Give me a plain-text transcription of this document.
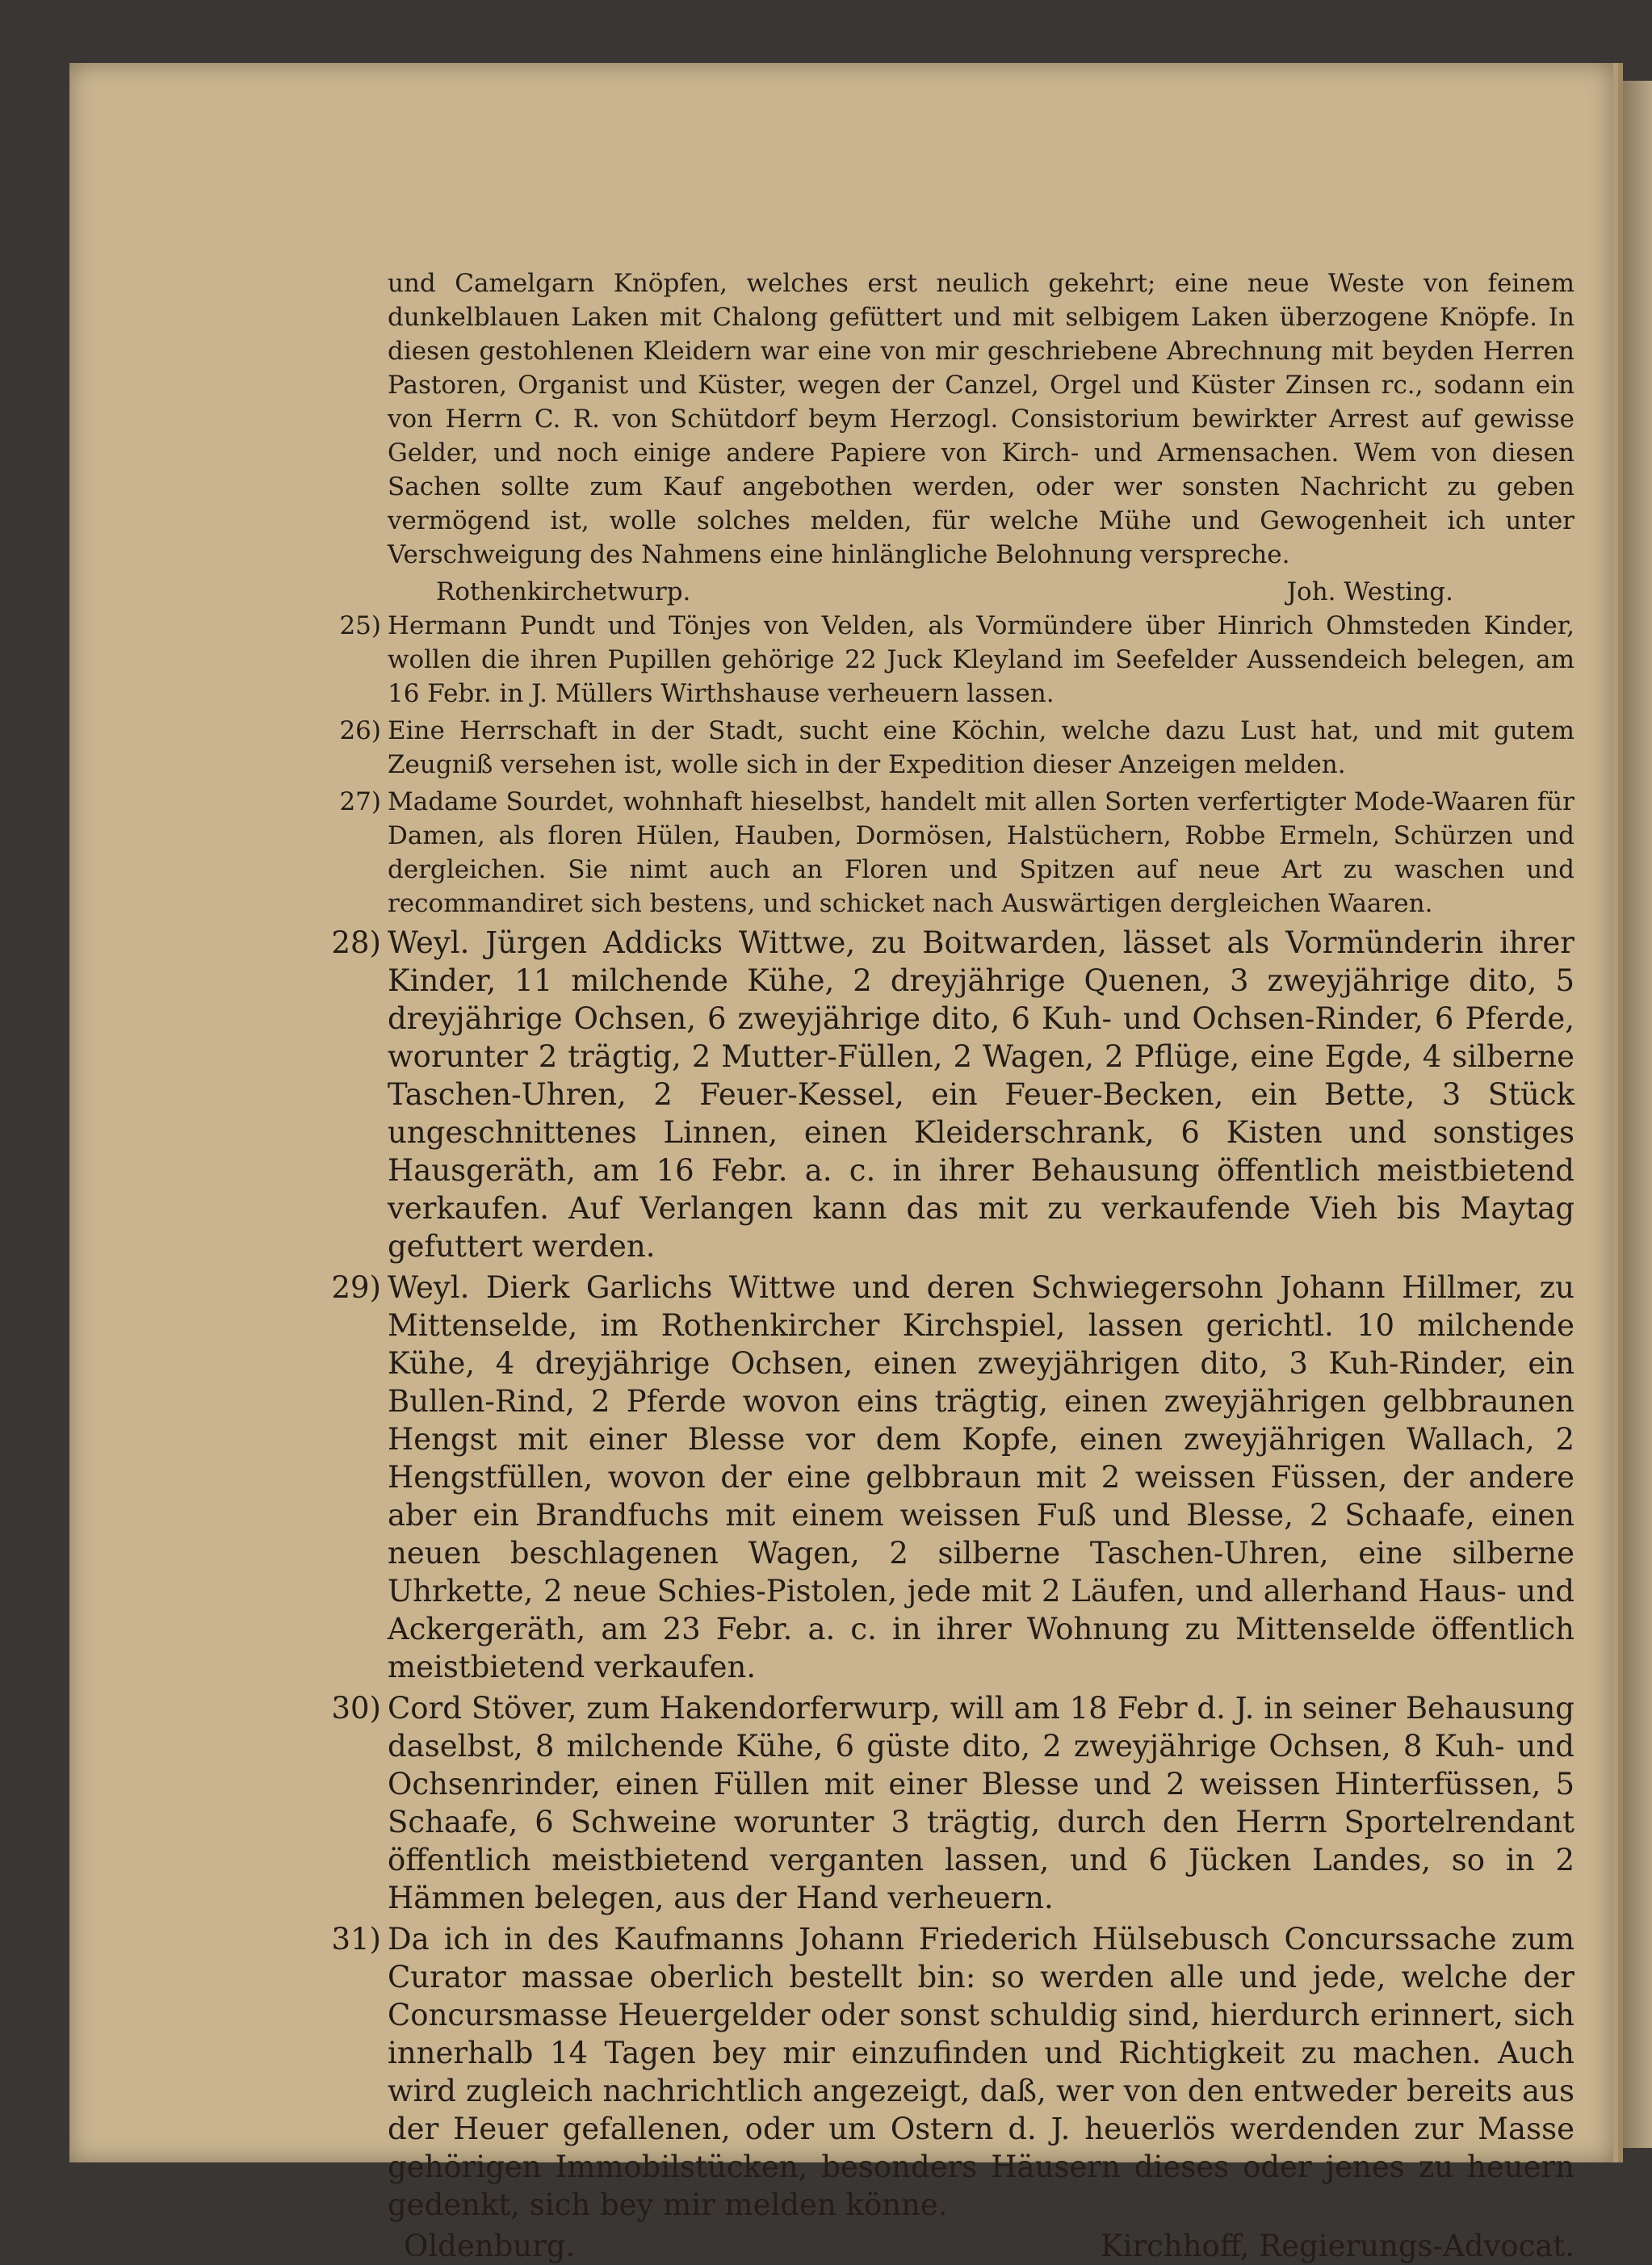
und Camelgarn Knöpfen, welches erst neulich gekehrt; eine neue Weste von feinem dunkelblauen Laken mit Chalong gefüttert und mit selbigem Laken überzogene Knöpfe. In diesen gestohlenen Kleidern war eine von mir geschriebene Abrechnung mit beyden Herren Pastoren, Organist und Küster, wegen der Canzel, Orgel und Küster Zinsen rc., sodann ein von Herrn C. R. von Schütdorf beym Herzogl. Consistorium bewirkter Arrest auf gewisse Gelder, und noch einige andere Papiere von Kirch- und Armensachen. Wem von diesen Sachen sollte zum Kauf angebothen werden, oder wer sonsten Nachricht zu geben vermögend ist, wolle solches melden, für welche Mühe und Gewogenheit ich unter Verschweigung des Nahmens eine hinlängliche Belohnung verspreche.

Rothenkirchetwurp.	Joh. Westing.

25) Hermann Pundt und Tönjes von Velden, als Vormündere über Hinrich Ohmsteden Kinder, wollen die ihren Pupillen gehörige 22 Juck Kleyland im Seefelder Aussendeich belegen, am 16 Febr. in J. Müllers Wirthshause verheuern lassen.

26) Eine Herrschaft in der Stadt, sucht eine Köchin, welche dazu Lust hat, und mit gutem Zeugniß versehen ist, wolle sich in der Expedition dieser Anzeigen melden.

27) Madame Sourdet, wohnhaft hieselbst, handelt mit allen Sorten verfertigter Mode-Waaren für Damen, als floren Hülen, Hauben, Dormösen, Halstüchern, Robbe Ermeln, Schürzen und dergleichen. Sie nimt auch an Floren und Spitzen auf neue Art zu waschen und recommandiret sich bestens, und schicket nach Auswärtigen dergleichen Waaren.

28) Weyl. Jürgen Addicks Wittwe, zu Boitwarden, lässet als Vormünderin ihrer Kinder, 11 milchende Kühe, 2 dreyjährige Quenen, 3 zweyjährige dito, 5 dreyjährige Ochsen, 6 zweyjährige dito, 6 Kuh- und Ochsen-Rinder, 6 Pferde, worunter 2 trägtig, 2 Mutter-Füllen, 2 Wagen, 2 Pflüge, eine Egde, 4 silberne Taschen-Uhren, 2 Feuer-Kessel, ein Feuer-Becken, ein Bette, 3 Stück ungeschnittenes Linnen, einen Kleiderschrank, 6 Kisten und sonstiges Hausgeräth, am 16 Febr. a. c. in ihrer Behausung öffentlich meistbietend verkaufen. Auf Verlangen kann das mit zu verkaufende Vieh bis Maytag gefuttert werden.

29) Weyl. Dierk Garlichs Wittwe und deren Schwiegersohn Johann Hillmer, zu Mittenselde, im Rothenkircher Kirchspiel, lassen gerichtl. 10 milchende Kühe, 4 dreyjährige Ochsen, einen zweyjährigen dito, 3 Kuh-Rinder, ein Bullen-Rind, 2 Pferde wovon eins trägtig, einen zweyjährigen gelbbraunen Hengst mit einer Blesse vor dem Kopfe, einen zweyjährigen Wallach, 2 Hengstfüllen, wovon der eine gelbbraun mit 2 weissen Füssen, der andere aber ein Brandfuchs mit einem weissen Fuß und Blesse, 2 Schaafe, einen neuen beschlagenen Wagen, 2 silberne Taschen-Uhren, eine silberne Uhrkette, 2 neue Schies-Pistolen, jede mit 2 Läufen, und allerhand Haus- und Ackergeräth, am 23 Febr. a. c. in ihrer Wohnung zu Mittenselde öffentlich meistbietend verkaufen.

30) Cord Stöver, zum Hakendorferwurp, will am 18 Febr d. J. in seiner Behausung daselbst, 8 milchende Kühe, 6 güste dito, 2 zweyjährige Ochsen, 8 Kuh- und Ochsenrinder, einen Füllen mit einer Blesse und 2 weissen Hinterfüssen, 5 Schaafe, 6 Schweine worunter 3 trägtig, durch den Herrn Sportelrendant öffentlich meistbietend verganten lassen, und 6 Jücken Landes, so in 2 Hämmen belegen, aus der Hand verheuern.

31) Da ich in des Kaufmanns Johann Friederich Hülsebusch Concurssache zum Curator massae oberlich bestellt bin: so werden alle und jede, welche der Concursmasse Heuergelder oder sonst schuldig sind, hierdurch erinnert, sich innerhalb 14 Tagen bey mir einzufinden und Richtigkeit zu machen. Auch wird zugleich nachrichtlich angezeigt, daß, wer von den entweder bereits aus der Heuer gefallenen, oder um Ostern d. J. heuerlös werdenden zur Masse gehörigen Immobilstücken, besonders Häusern dieses oder jenes zu heuern gedenkt, sich bey mir melden könne.

Oldenburg.	Kirchhoff, Regierungs-Advocat.
